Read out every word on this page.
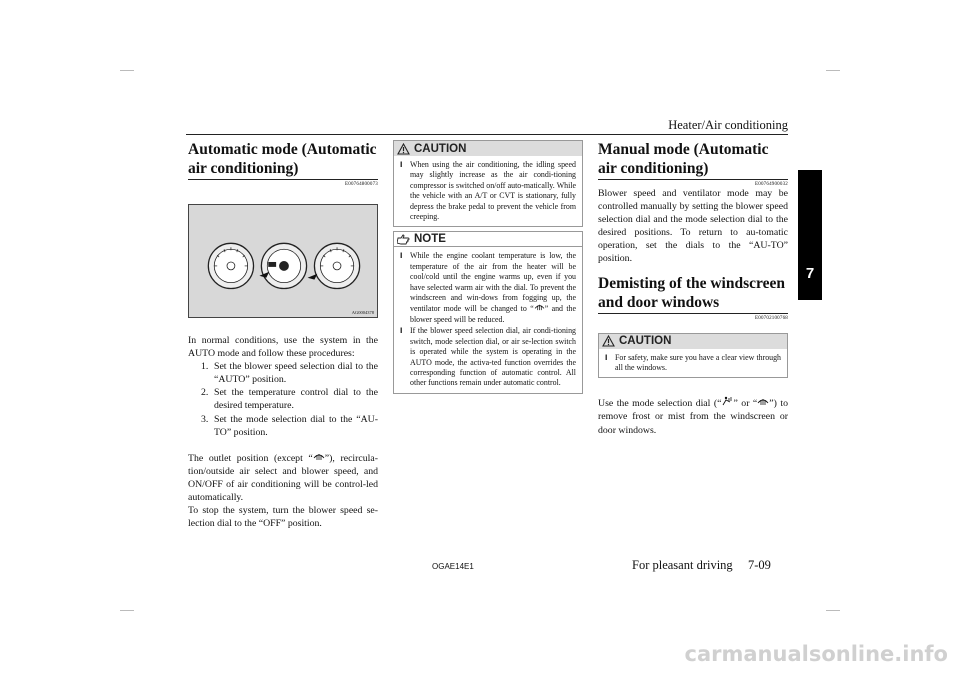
Heater/Air conditioning
7
Automatic mode (Automatic air conditioning)
E00764800073
AG0004378

In normal conditions, use the system in the AUTO mode and follow these procedures:

1. Set the blower speed selection dial to the “AUTO” position.
2. Set the temperature control dial to the desired temperature.
3. Set the mode selection dial to the “AU-TO” position.

The outlet position (except “ ”), recircula-tion/outside air select and blower speed, and ON/OFF of air conditioning will be control-led automatically.

To stop the system, turn the blower speed se-lection dial to the “OFF” position.

CAUTION
l When using the air conditioning, the idling speed may slightly increase as the air condi-tioning compressor is switched on/off auto-matically. While the vehicle with an A/T or CVT is stationary, fully depress the brake pedal to prevent the vehicle from creeping.
NOTE
l While the engine coolant temperature is low, the temperature of the air from the heater will be cool/cold until the engine warms up, even if you have selected warm air with the dial. To prevent the windscreen and win-dows from fogging up, the ventilator mode will be changed to “ ” and the blower speed will be reduced.
l If the blower speed selection dial, air condi-tioning switch, mode selection dial, or air se-lection switch is operated while the system is operating in the AUTO mode, the activa-ted function overrides the corresponding function of automatic control. All other functions remain under automatic control.
Manual mode (Automatic air conditioning)
E00764900032

Blower speed and ventilator mode may be controlled manually by setting the blower speed selection dial and the mode selection dial to the desired positions. To return to au-tomatic operation, set the dials to the “AU-TO” position.

Demisting of the windscreen and door windows
E00702100768
CAUTION
l For safety, make sure you have a clear view through all the windows.

Use the mode selection dial (“ ” or “ ”) to remove frost or mist from the windscreen or door windows.

OGAE14E1	For pleasant driving 7-09
carmanualsonline.info
